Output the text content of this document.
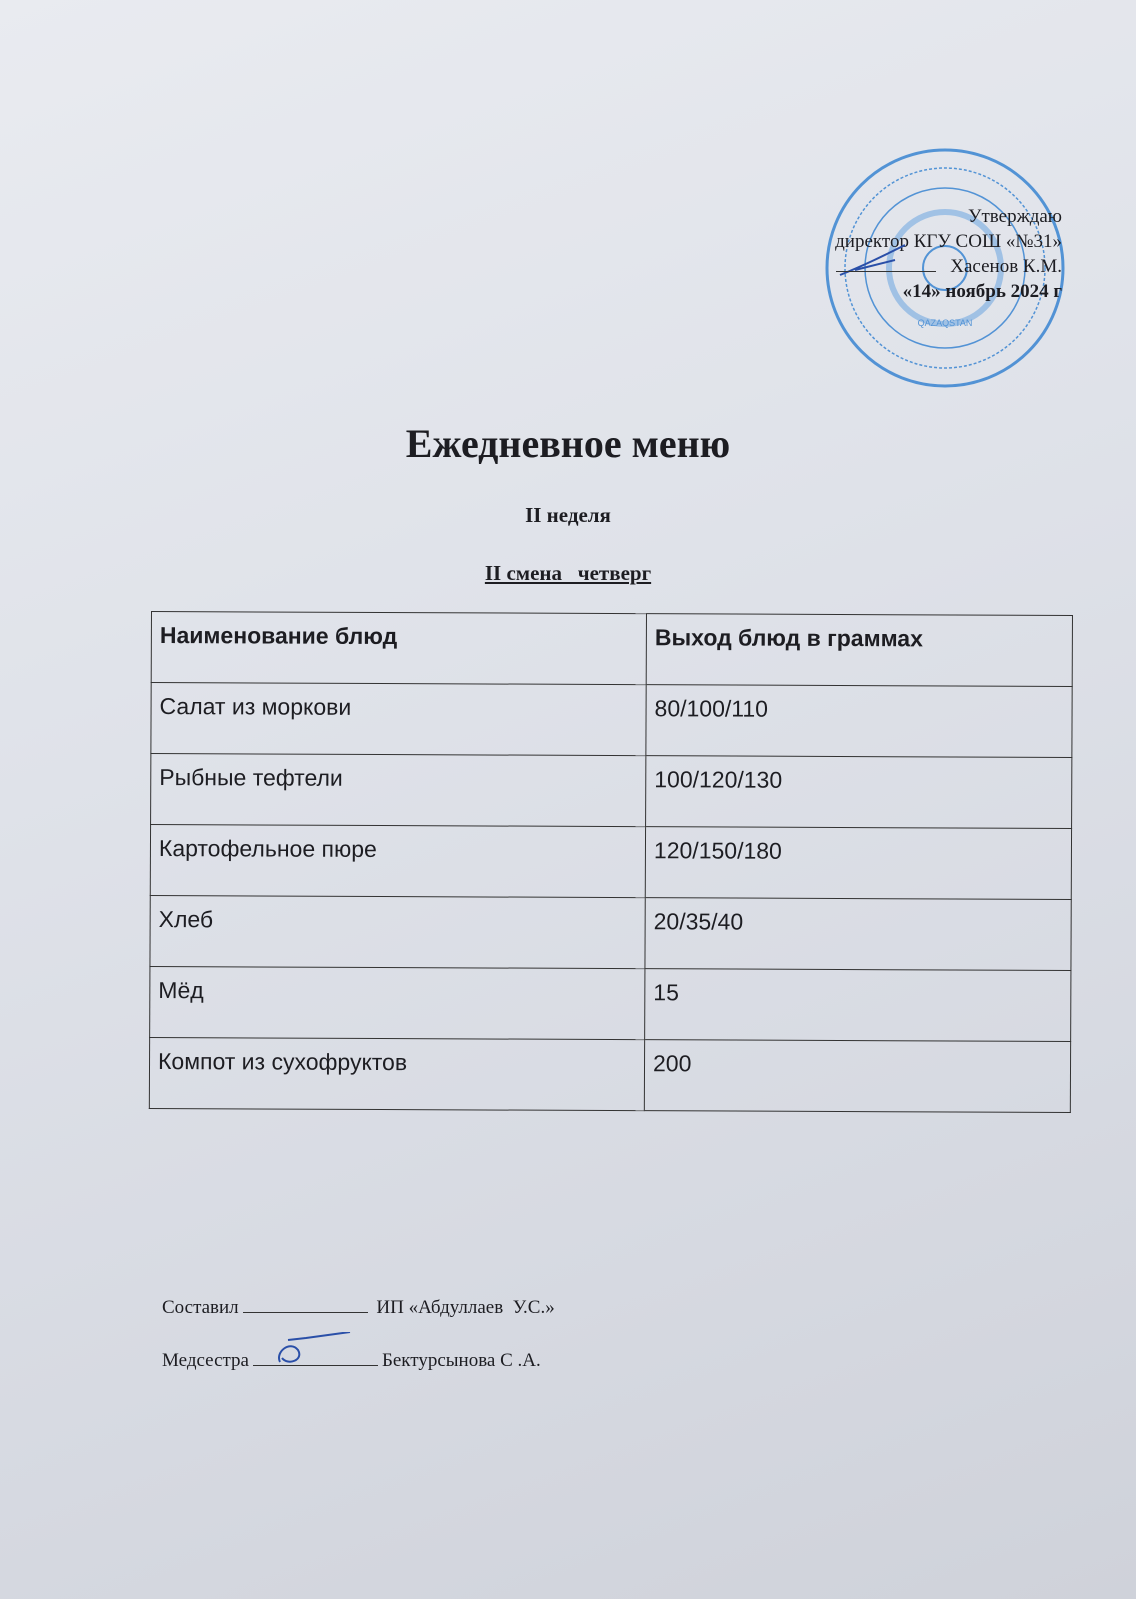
QAZAQSTAN
Утверждаю
директор КГУ СОШ «№31»
Хасенов К.М.
«14» ноябрь 2024 г
Ежедневное меню
II неделя
II смена   четверг
Наименование блюд	Выход блюд в граммах
Салат из моркови	80/100/110
Рыбные тефтели	100/120/130
Картофельное пюре	120/150/180
Хлеб	20/35/40
Мёд	15
Компот из сухофруктов	200
Составил	ИП «Абдуллаев  У.С.»
Медсестра	Бектурсынова С .А.
